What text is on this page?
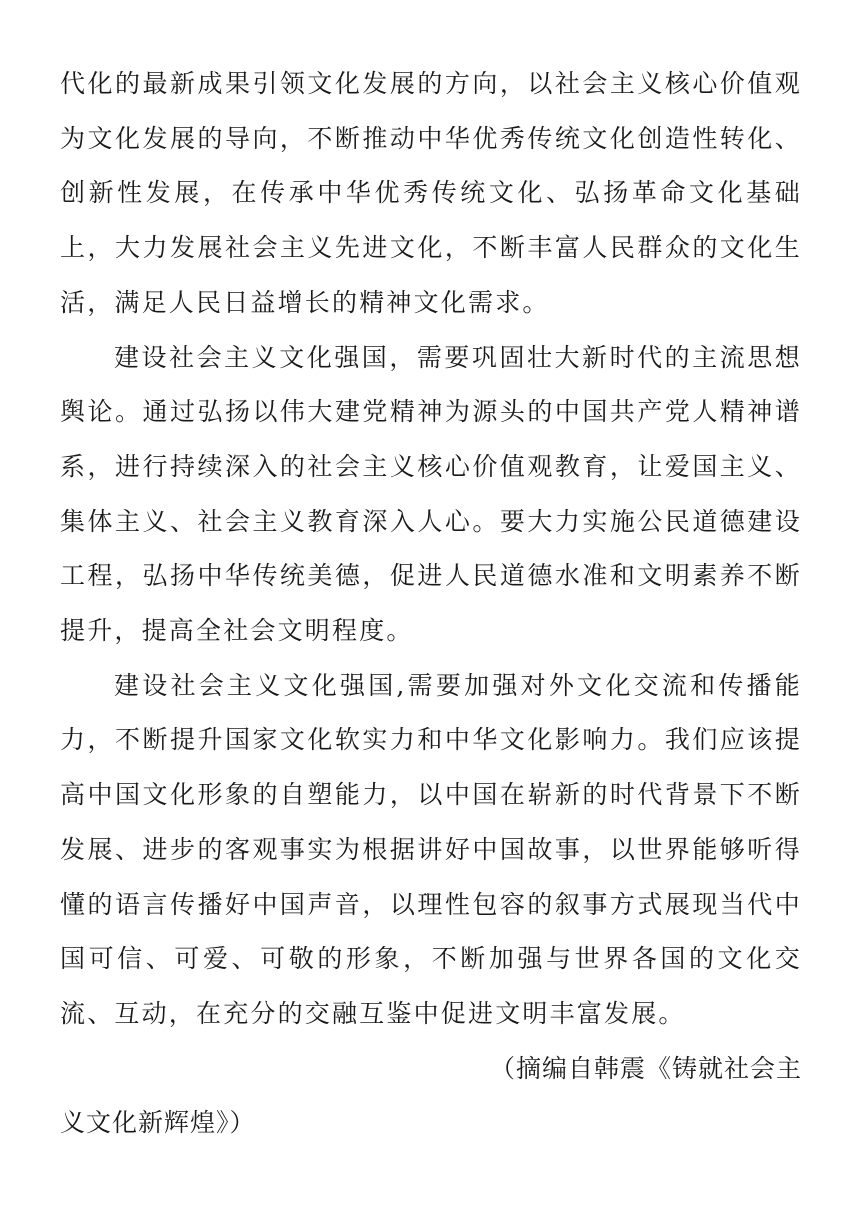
代化的最新成果引领文化发展的方向，以社会主义核心价值观为文化发展的导向，不断推动中华优秀传统文化创造性转化、创新性发展，在传承中华优秀传统文化、弘扬革命文化基础上，大力发展社会主义先进文化，不断丰富人民群众的文化生活，满足人民日益增长的精神文化需求。

建设社会主义文化强国，需要巩固壮大新时代的主流思想舆论。通过弘扬以伟大建党精神为源头的中国共产党人精神谱系，进行持续深入的社会主义核心价值观教育，让爱国主义、集体主义、社会主义教育深入人心。要大力实施公民道德建设工程，弘扬中华传统美德，促进人民道德水准和文明素养不断提升，提高全社会文明程度。

建设社会主义文化强国,需要加强对外文化交流和传播能力，不断提升国家文化软实力和中华文化影响力。我们应该提高中国文化形象的自塑能力，以中国在崭新的时代背景下不断发展、进步的客观事实为根据讲好中国故事，以世界能够听得懂的语言传播好中国声音，以理性包容的叙事方式展现当代中国可信、可爱、可敬的形象，不断加强与世界各国的文化交流、互动，在充分的交融互鉴中促进文明丰富发展。

（摘编自韩震《铸就社会主

义文化新辉煌》）
